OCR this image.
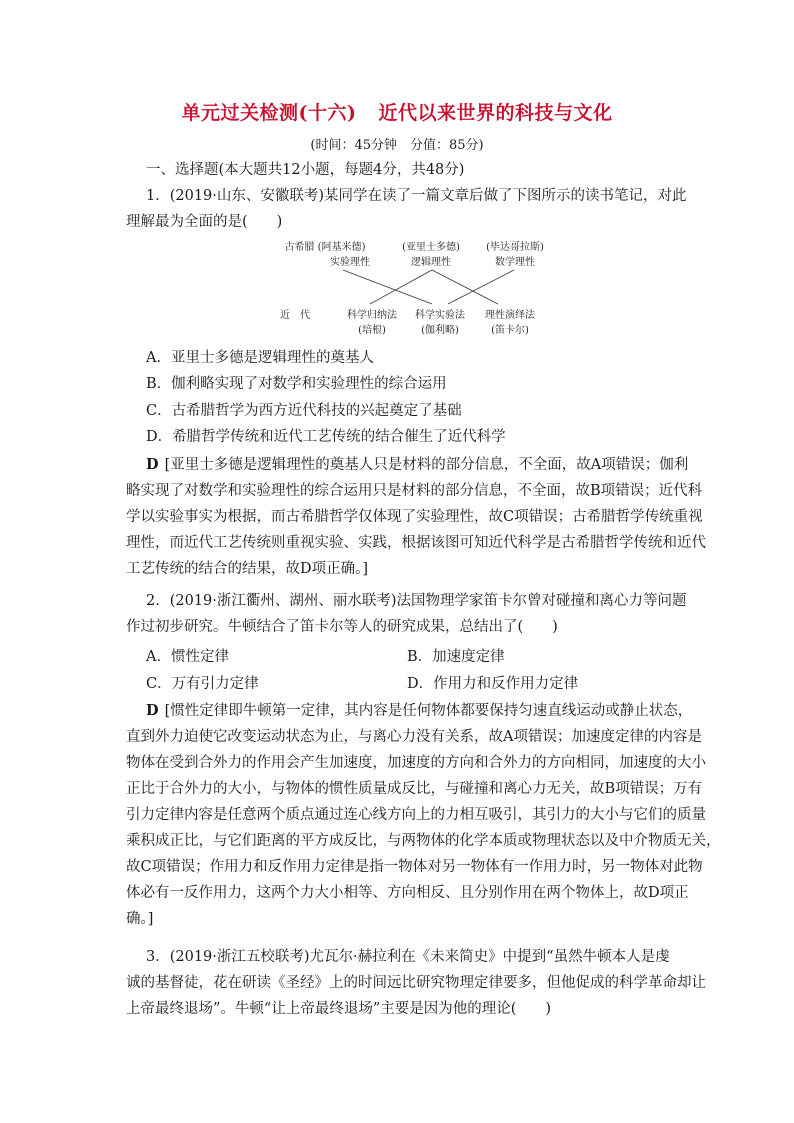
单元过关检测(十六) 近代以来世界的科技与文化
(时间：45分钟　分值：85分)
一、选择题(本大题共12小题，每题4分，共48分)
1．(2019·山东、安徽联考)某同学在读了一篇文章后做了下图所示的读书笔记，对此
理解最为全面的是(　　)
古希腊 (阿基米德)
实验理性
(亚里士多德)
逻辑理性
(毕达哥拉斯)
数学理性
近　代	科学归纳法
(培根)
科学实验法
(伽利略)
理性演绎法
(笛卡尔)
A．亚里士多德是逻辑理性的奠基人
B．伽利略实现了对数学和实验理性的综合运用
C．古希腊哲学为西方近代科技的兴起奠定了基础
D．希腊哲学传统和近代工艺传统的结合催生了近代科学
D [亚里士多德是逻辑理性的奠基人只是材料的部分信息，不全面，故A项错误；伽利
略实现了对数学和实验理性的综合运用只是材料的部分信息，不全面，故B项错误；近代科
学以实验事实为根据，而古希腊哲学仅体现了实验理性，故C项错误；古希腊哲学传统重视
理性，而近代工艺传统则重视实验、实践，根据该图可知近代科学是古希腊哲学传统和近代
工艺传统的结合的结果，故D项正确。]
2．(2019·浙江衢州、湖州、丽水联考)法国物理学家笛卡尔曾对碰撞和离心力等问题
作过初步研究。牛顿结合了笛卡尔等人的研究成果，总结出了(　　)
A．惯性定律	B．加速度定律
C．万有引力定律	D．作用力和反作用力定律
D [惯性定律即牛顿第一定律，其内容是任何物体都要保持匀速直线运动或静止状态，
直到外力迫使它改变运动状态为止，与离心力没有关系，故A项错误；加速度定律的内容是
物体在受到合外力的作用会产生加速度，加速度的方向和合外力的方向相同，加速度的大小
正比于合外力的大小，与物体的惯性质量成反比，与碰撞和离心力无关，故B项错误；万有
引力定律内容是任意两个质点通过连心线方向上的力相互吸引，其引力的大小与它们的质量
乘积成正比，与它们距离的平方成反比，与两物体的化学本质或物理状态以及中介物质无关，
故C项错误；作用力和反作用力定律是指一物体对另一物体有一作用力时，另一物体对此物
体必有一反作用力，这两个力大小相等、方向相反、且分别作用在两个物体上，故D项正
确。]
3．(2019·浙江五校联考)尤瓦尔·赫拉利在《未来简史》中提到“虽然牛顿本人是虔
诚的基督徒，花在研读《圣经》上的时间远比研究物理定律要多，但他促成的科学革命却让
上帝最终退场”。牛顿“让上帝最终退场”主要是因为他的理论(　　)
